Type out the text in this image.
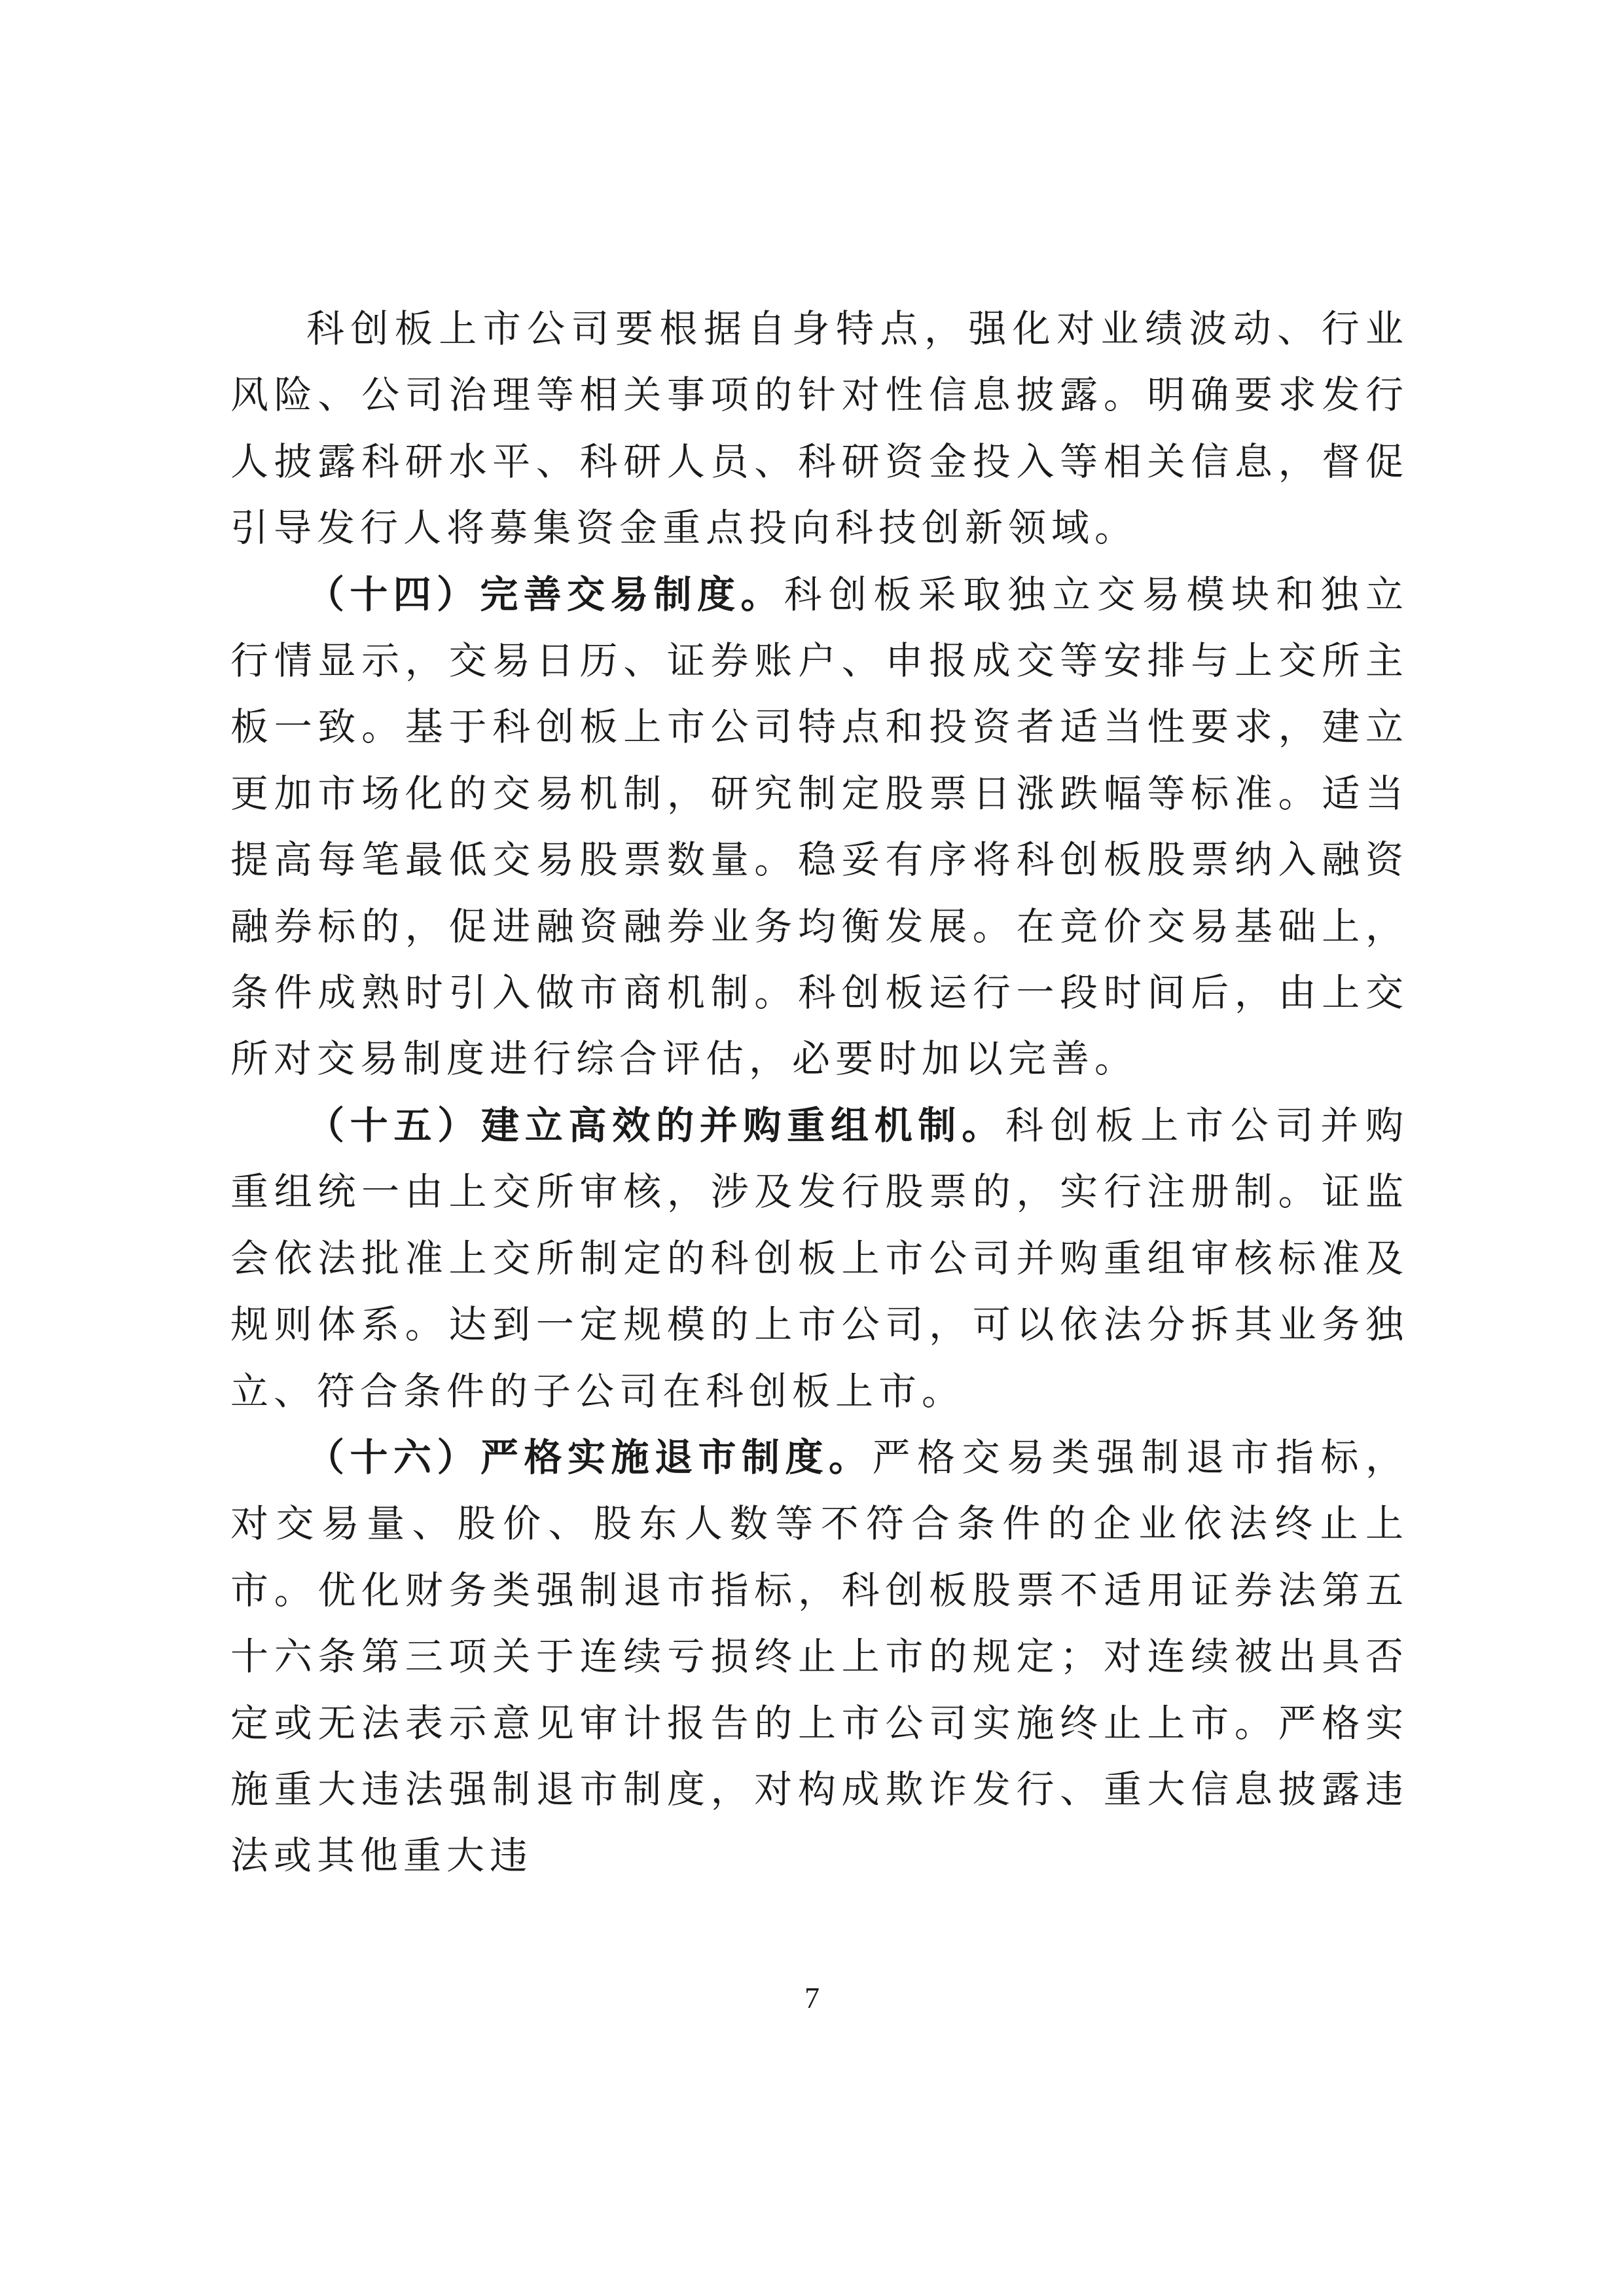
科创板上市公司要根据自身特点，强化对业绩波动、行业风险、公司治理等相关事项的针对性信息披露。明确要求发行人披露科研水平、科研人员、科研资金投入等相关信息，督促引导发行人将募集资金重点投向科技创新领域。

（十四）完善交易制度。科创板采取独立交易模块和独立行情显示，交易日历、证券账户、申报成交等安排与上交所主板一致。基于科创板上市公司特点和投资者适当性要求，建立更加市场化的交易机制，研究制定股票日涨跌幅等标准。适当提高每笔最低交易股票数量。稳妥有序将科创板股票纳入融资融券标的，促进融资融券业务均衡发展。在竞价交易基础上，条件成熟时引入做市商机制。科创板运行一段时间后，由上交所对交易制度进行综合评估，必要时加以完善。

（十五）建立高效的并购重组机制。科创板上市公司并购重组统一由上交所审核，涉及发行股票的，实行注册制。证监会依法批准上交所制定的科创板上市公司并购重组审核标准及规则体系。达到一定规模的上市公司，可以依法分拆其业务独立、符合条件的子公司在科创板上市。

（十六）严格实施退市制度。严格交易类强制退市指标，对交易量、股价、股东人数等不符合条件的企业依法终止上市。优化财务类强制退市指标，科创板股票不适用证券法第五十六条第三项关于连续亏损终止上市的规定；对连续被出具否定或无法表示意见审计报告的上市公司实施终止上市。严格实施重大违法强制退市制度，对构成欺诈发行、重大信息披露违法或其他重大违

7
